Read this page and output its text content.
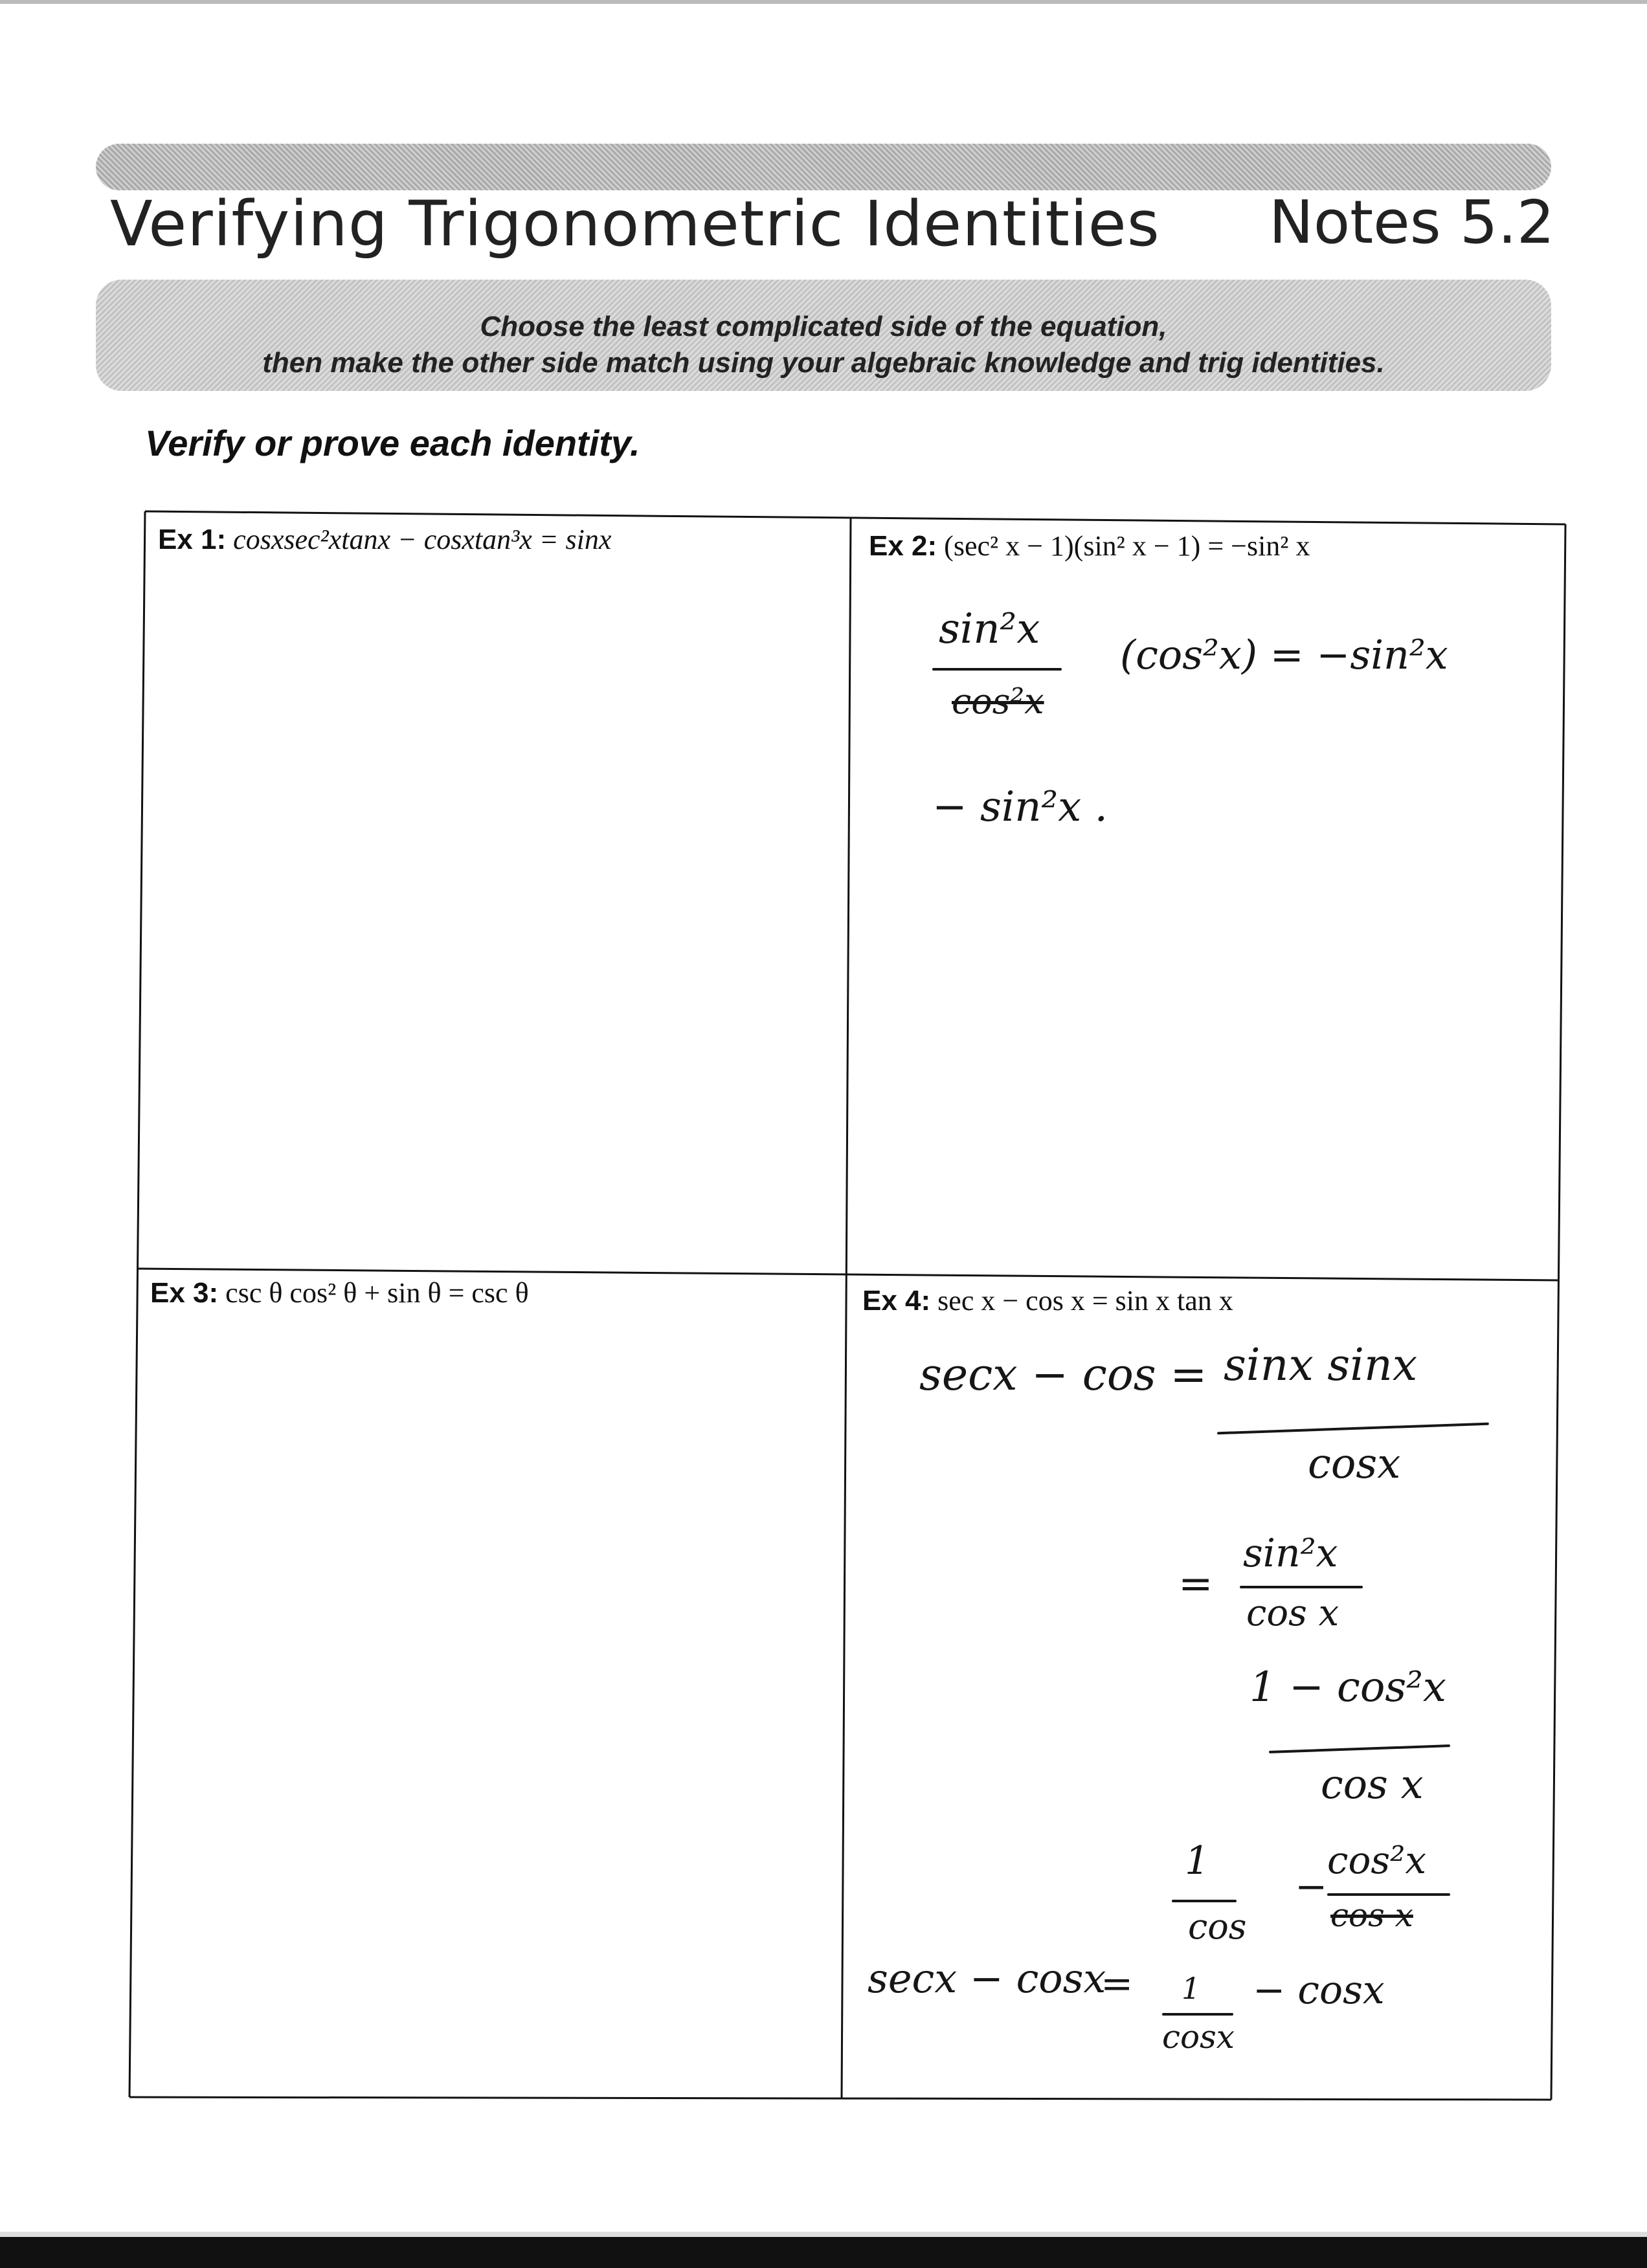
Verifying Trigonometric Identities Notes 5.2
Choose the least complicated side of the equation,
then make the other side match using your algebraic knowledge and trig identities.
Verify or prove each identity.
Ex 1: cosxsec²xtanx − cosxtan³x = sinx	Ex 2: (sec² x − 1)(sin² x − 1) = −sin² x
Ex 3: csc θ cos² θ + sin θ = csc θ	Ex 4: sec x − cos x = sin x tan x
sin²x
cos²x
(cos²x) = −sin²x
− sin²x .
secx − cos = sinx sinx
cosx
=
sin²x
cos x
1 − cos²x
cos x
1
cos
−
cos²x
cos x
secx − cosx
= 1
cosx
− cosx
